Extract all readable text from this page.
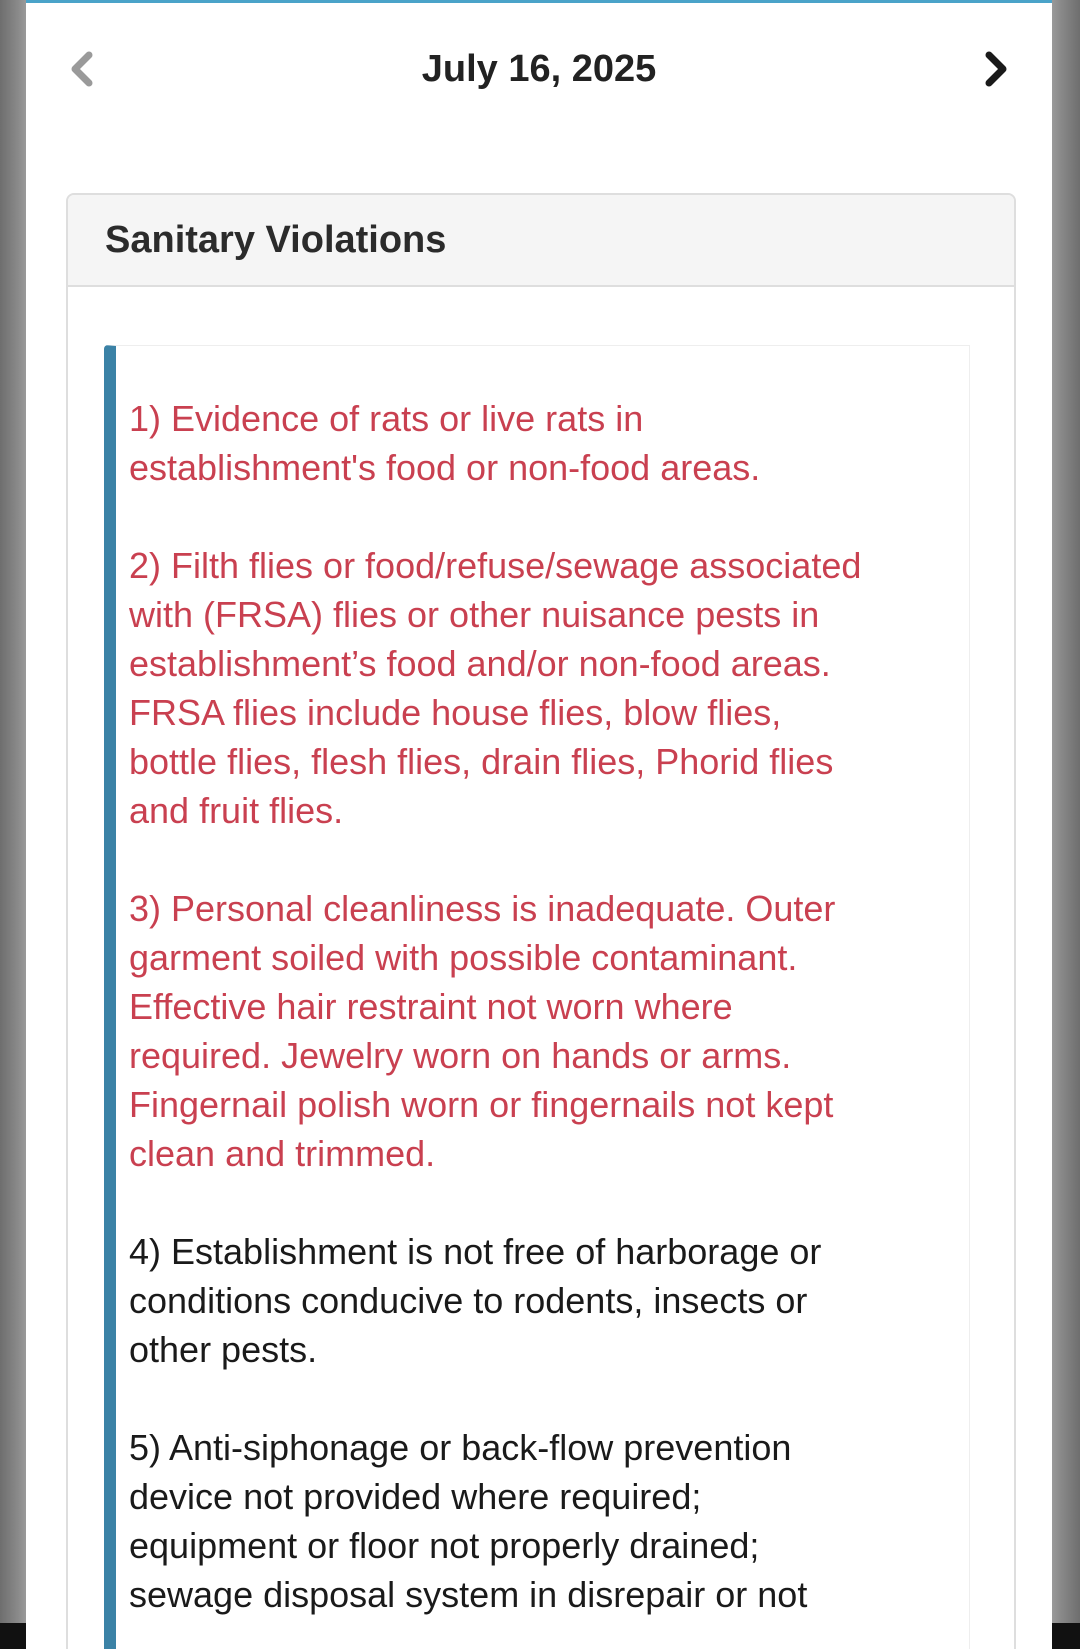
July 16, 2025
Sanitary Violations

1) Evidence of rats or live rats in
establishment's food or non-food areas.

2) Filth flies or food/refuse/sewage associated
with (FRSA) flies or other nuisance pests in
establishment’s food and/or non-food areas.
FRSA flies include house flies, blow flies,
bottle flies, flesh flies, drain flies, Phorid flies
and fruit flies.

3) Personal cleanliness is inadequate. Outer
garment soiled with possible contaminant.
Effective hair restraint not worn where
required. Jewelry worn on hands or arms.
Fingernail polish worn or fingernails not kept
clean and trimmed.

4) Establishment is not free of harborage or
conditions conducive to rodents, insects or
other pests.

5) Anti-siphonage or back-flow prevention
device not provided where required;
equipment or floor not properly drained;
sewage disposal system in disrepair or not
